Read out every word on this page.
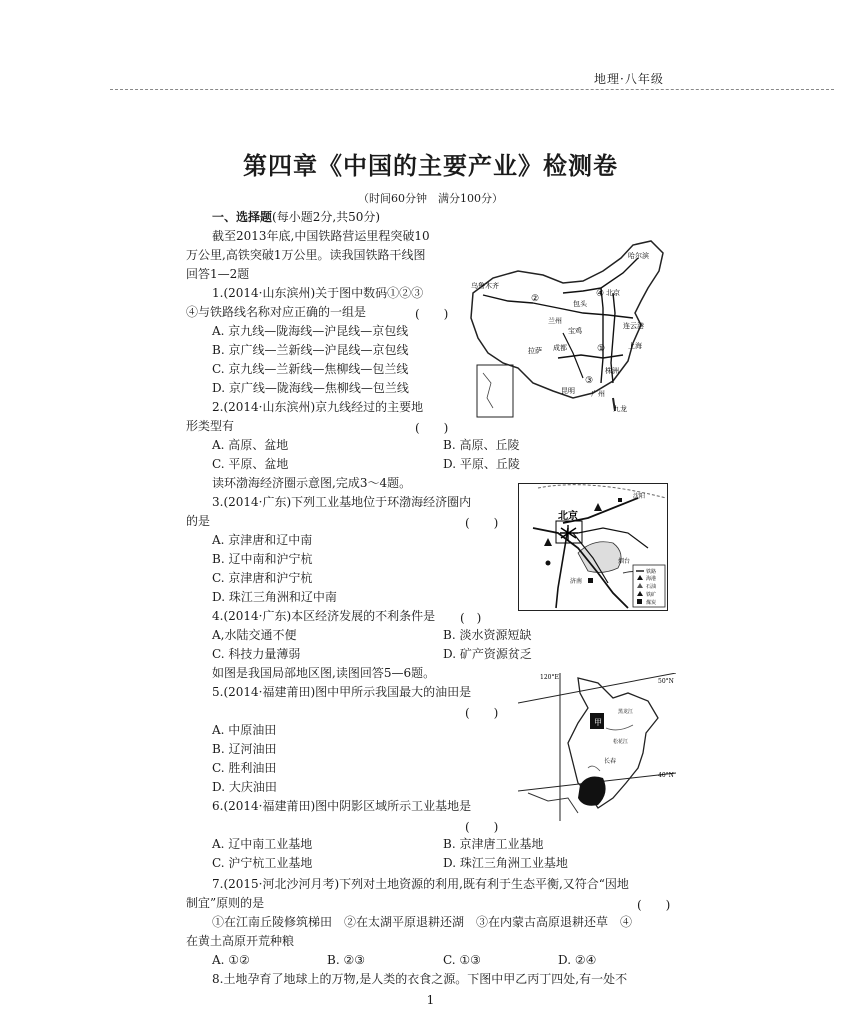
地理·八年级
第四章《中国的主要产业》检测卷
（时间60分钟　满分100分）
一、选择题(每小题2分,共50分)
截至2013年底,中国铁路营运里程突破10
万公里,高铁突破1万公里。读我国铁路干线图
回答1—2题
1.(2014·山东滨州)关于图中数码①②③
④与铁路线名称对应正确的一组是	(　　)
A. 京九线—陇海线—沪昆线—京包线
B. 京广线—兰新线—沪昆线—京包线
C. 京九线—兰新线—焦柳线—包兰线
D. 京广线—陇海线—焦柳线—包兰线
2.(2014·山东滨州)京九线经过的主要地
形类型有	(　　)
A. 高原、盆地	B. 高原、丘陵
C. 平原、盆地	D. 平原、丘陵
读环渤海经济圈示意图,完成3～4题。
3.(2014·广东)下列工业基地位于环渤海经济圈内
的是	(　　)
A. 京津唐和辽中南
B. 辽中南和沪宁杭
C. 京津唐和沪宁杭
D. 珠江三角洲和辽中南
4.(2014·广东)本区经济发展的不利条件是 (　)
A,水陆交通不便	B. 淡水资源短缺
C. 科技力量薄弱	D. 矿产资源贫乏
如图是我国局部地区图,读图回答5—6题。
5.(2014·福建莆田)图中甲所示我国最大的油田是
(　　)
A. 中原油田
B. 辽河油田
C. 胜利油田
D. 大庆油田
6.(2014·福建莆田)图中阴影区域所示工业基地是
(　　)
A. 辽中南工业基地	B. 京津唐工业基地
C. 沪宁杭工业基地	D. 珠江三角洲工业基地
7.(2015·河北沙河月考)下列对土地资源的利用,既有利于生态平衡,又符合“因地
制宜”原则的是	(　　)
①在江南丘陵修筑梯田　②在太湖平原退耕还湖　③在内蒙古高原退耕还草　④
在黄土高原开荒种粮
A. ①②	B. ②③	C. ①③	D. ②④
8.土地孕育了地球上的万物,是人类的衣食之源。下图中甲乙丙丁四处,有一处不
1
哈尔滨
乌鲁木齐
北京
包头
兰州
宝鸡
连云港
上海
拉萨 成都
昆明 广州
九龙
株洲
①
②
③
④
北京
沈阳
烟台
济南
铁路
海港
石油
铁矿
煤炭
120°E
50°N
40°N
甲
长春
黑龙江
松花江
